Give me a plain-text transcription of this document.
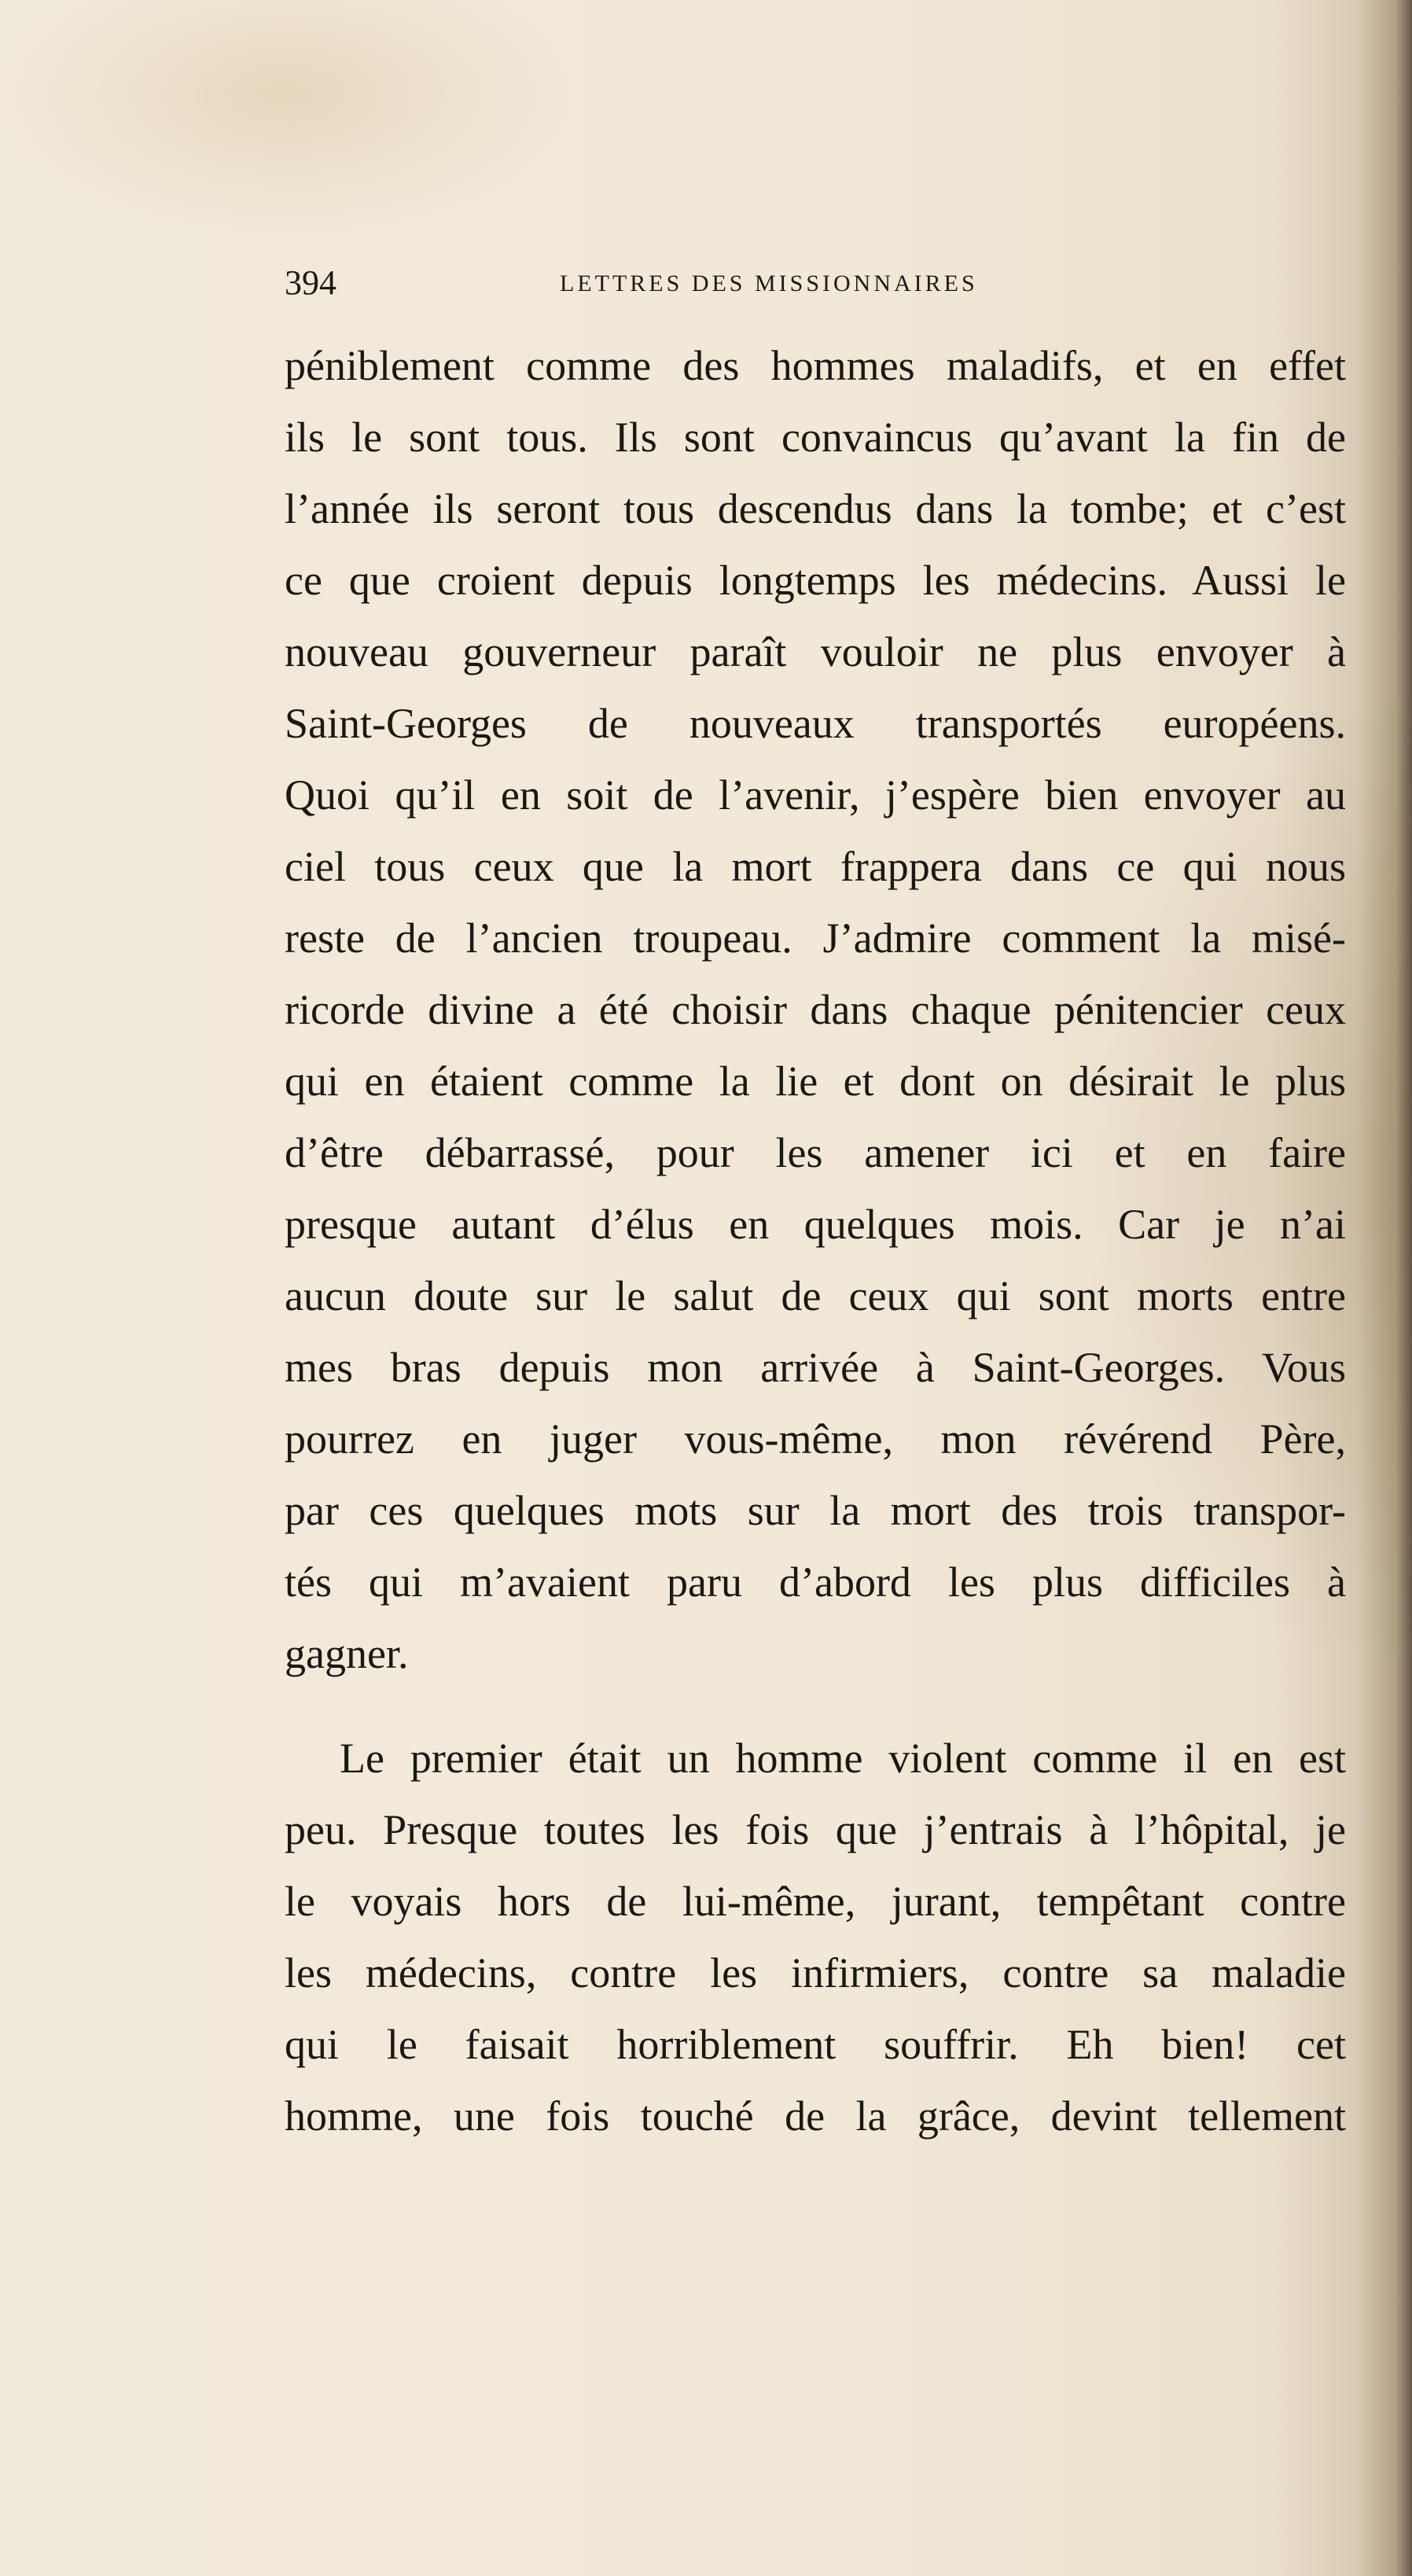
394	LETTRES DES MISSIONNAIRES
péniblement comme des hommes maladifs, et en effet
ils le sont tous. Ils sont convaincus qu’avant la fin de
l’année ils seront tous descendus dans la tombe; et c’est
ce que croient depuis longtemps les médecins. Aussi le
nouveau gouverneur paraît vouloir ne plus envoyer à
Saint-Georges de nouveaux transportés européens.
Quoi qu’il en soit de l’avenir, j’espère bien envoyer au
ciel tous ceux que la mort frappera dans ce qui nous
reste de l’ancien troupeau. J’admire comment la misé-
ricorde divine a été choisir dans chaque pénitencier ceux
qui en étaient comme la lie et dont on désirait le plus
d’être débarrassé, pour les amener ici et en faire
presque autant d’élus en quelques mois. Car je n’ai
aucun doute sur le salut de ceux qui sont morts entre
mes bras depuis mon arrivée à Saint-Georges. Vous
pourrez en juger vous-même, mon révérend Père,
par ces quelques mots sur la mort des trois transpor-
tés qui m’avaient paru d’abord les plus difficiles à
gagner.
Le premier était un homme violent comme il en est
peu. Presque toutes les fois que j’entrais à l’hôpital, je
le voyais hors de lui-même, jurant, tempêtant contre
les médecins, contre les infirmiers, contre sa maladie
qui le faisait horriblement souffrir. Eh bien! cet
homme, une fois touché de la grâce, devint tellement
